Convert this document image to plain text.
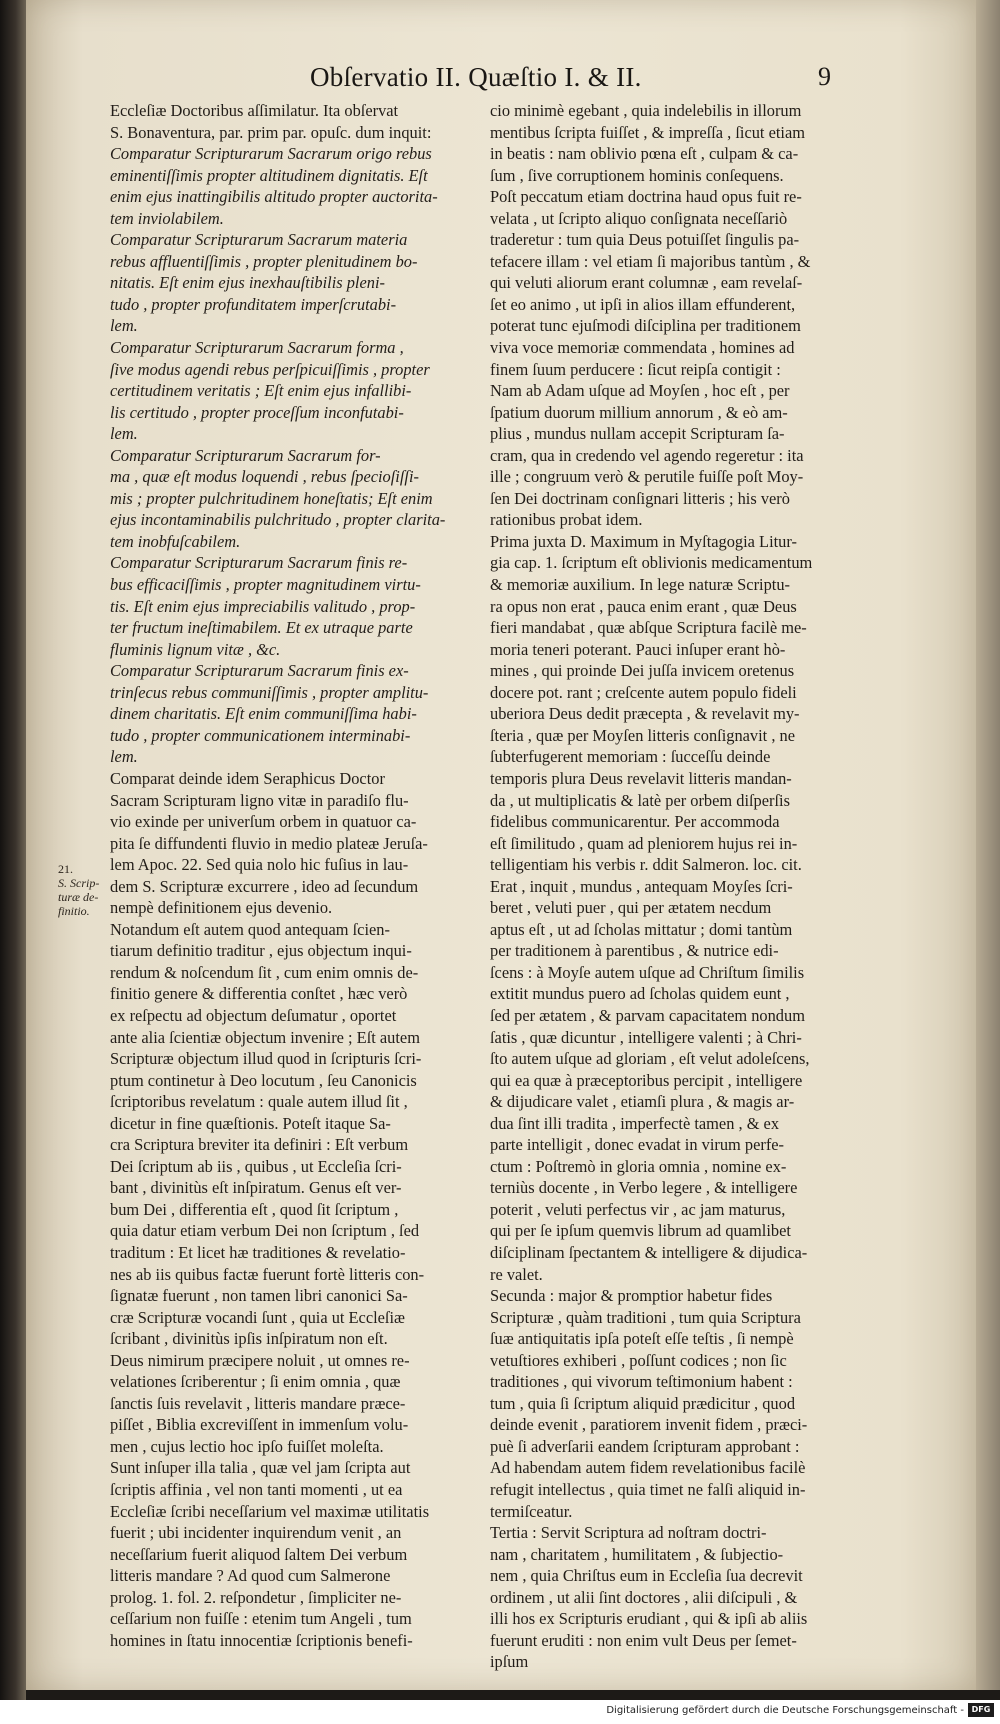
Obſervatio II. Quæſtio I. & II.	9
21.
S. Scrip-
turæ de-
finitio.
Eccleſiæ Doctoribus aſſimilatur. Ita obſervat
S. Bonaventura, par. prim par. opuſc. dum inquit:
Comparatur Scripturarum Sacrarum origo rebus
eminentiſſimis propter altitudinem dignitatis. Eſt
enim ejus inattingibilis altitudo propter auctorita-
tem inviolabilem.
Comparatur Scripturarum Sacrarum materia
rebus affluentiſſimis , propter plenitudinem bo-
nitatis. Eſt enim ejus inexhauſtibilis pleni-
tudo , propter profunditatem imperſcrutabi-
lem.
Comparatur Scripturarum Sacrarum forma ,
ſive modus agendi rebus perſpicuiſſimis , propter
certitudinem veritatis ; Eſt enim ejus infallibi-
lis certitudo , propter proceſſum inconfutabi-
lem.
Comparatur Scripturarum Sacrarum for-
ma , quæ eſt modus loquendi , rebus ſpecioſiſſi-
mis ; propter pulchritudinem honeſtatis; Eſt enim
ejus incontaminabilis pulchritudo , propter clarita-
tem inobfuſcabilem.
Comparatur Scripturarum Sacrarum finis re-
bus efficaciſſimis , propter magnitudinem virtu-
tis. Eſt enim ejus impreciabilis valitudo , prop-
ter fructum ineſtimabilem. Et ex utraque parte
fluminis lignum vitæ , &c.
Comparatur Scripturarum Sacrarum finis ex-
trinſecus rebus communiſſimis , propter amplitu-
dinem charitatis. Eſt enim communiſſima habi-
tudo , propter communicationem interminabi-
lem.
Comparat deinde idem Seraphicus Doctor
Sacram Scripturam ligno vitæ in paradiſo flu-
vio exinde per univerſum orbem in quatuor ca-
pita ſe diffundenti fluvio in medio plateæ Jeruſa-
lem Apoc. 22. Sed quia nolo hic fuſius in lau-
dem S. Scripturæ excurrere , ideo ad ſecundum
nempè definitionem ejus devenio.
Notandum eſt autem quod antequam ſcien-
tiarum definitio traditur , ejus objectum inqui-
rendum & noſcendum ſit , cum enim omnis de-
finitio genere & differentia conſtet , hæc verò
ex reſpectu ad objectum deſumatur , oportet
ante alia ſcientiæ objectum invenire ; Eſt autem
Scripturæ objectum illud quod in ſcripturis ſcri-
ptum continetur à Deo locutum , ſeu Canonicis
ſcriptoribus revelatum : quale autem illud ſit ,
dicetur in fine quæſtionis. Poteſt itaque Sa-
cra Scriptura breviter ita definiri : Eſt verbum
Dei ſcriptum ab iis , quibus , ut Eccleſia ſcri-
bant , divinitùs eſt inſpiratum. Genus eſt ver-
bum Dei , differentia eſt , quod ſit ſcriptum ,
quia datur etiam verbum Dei non ſcriptum , ſed
traditum : Et licet hæ traditiones & revelatio-
nes ab iis quibus factæ fuerunt fortè litteris con-
ſignatæ fuerunt , non tamen libri canonici Sa-
cræ Scripturæ vocandi ſunt , quia ut Eccleſiæ
ſcribant , divinitùs ipſis inſpiratum non eſt.
Deus nimirum præcipere noluit , ut omnes re-
velationes ſcriberentur ; ſi enim omnia , quæ
ſanctis ſuis revelavit , litteris mandare præce-
piſſet , Biblia excreviſſent in immenſum volu-
men , cujus lectio hoc ipſo fuiſſet moleſta.
Sunt inſuper illa talia , quæ vel jam ſcripta aut
ſcriptis affinia , vel non tanti momenti , ut ea
Eccleſiæ ſcribi neceſſarium vel maximæ utilitatis
fuerit ; ubi incidenter inquirendum venit , an
neceſſarium fuerit aliquod ſaltem Dei verbum
litteris mandare ? Ad quod cum Salmerone
prolog. 1. fol. 2. reſpondetur , ſimpliciter ne-
ceſſarium non fuiſſe : etenim tum Angeli , tum
homines in ſtatu innocentiæ ſcriptionis benefi-
cio minimè egebant , quia indelebilis in illorum
mentibus ſcripta fuiſſet , & impreſſa , ſicut etiam
in beatis : nam oblivio pœna eſt , culpam & ca-
ſum , ſive corruptionem hominis conſequens.
Poſt peccatum etiam doctrina haud opus fuit re-
velata , ut ſcripto aliquo conſignata neceſſariò
traderetur : tum quia Deus potuiſſet ſingulis pa-
tefacere illam : vel etiam ſi majoribus tantùm , &
qui veluti aliorum erant columnæ , eam revelaſ-
ſet eo animo , ut ipſi in alios illam effunderent,
poterat tunc ejuſmodi diſciplina per traditionem
viva voce memoriæ commendata , homines ad
finem ſuum perducere : ſicut reipſa contigit :
Nam ab Adam uſque ad Moyſen , hoc eſt , per
ſpatium duorum millium annorum , & eò am-
plius , mundus nullam accepit Scripturam ſa-
cram, qua in credendo vel agendo regeretur : ita
ille ; congruum verò & perutile fuiſſe poſt Moy-
ſen Dei doctrinam conſignari litteris ; his verò
rationibus probat idem.
Prima juxta D. Maximum in Myſtagogia Litur-
gia cap. 1. ſcriptum eſt oblivionis medicamentum
& memoriæ auxilium. In lege naturæ Scriptu-
ra opus non erat , pauca enim erant , quæ Deus
fieri mandabat , quæ abſque Scriptura facilè me-
moria teneri poterant. Pauci inſuper erant hò-
mines , qui proinde Dei juſſa invicem oretenus
docere pot. rant ; creſcente autem populo fideli
uberiora Deus dedit præcepta , & revelavit my-
ſteria , quæ per Moyſen litteris conſignavit , ne
ſubterfugerent memoriam : ſucceſſu deinde
temporis plura Deus revelavit litteris mandan-
da , ut multiplicatis & latè per orbem diſperſis
fidelibus communicarentur. Per accommoda
eſt ſimilitudo , quam ad pleniorem hujus rei in-
telligentiam his verbis r. ddit Salmeron. loc. cit.
Erat , inquit , mundus , antequam Moyſes ſcri-
beret , veluti puer , qui per ætatem necdum
aptus eſt , ut ad ſcholas mittatur ; domi tantùm
per traditionem à parentibus , & nutrice edi-
ſcens : à Moyſe autem uſque ad Chriſtum ſimilis
extitit mundus puero ad ſcholas quidem eunt ,
ſed per ætatem , & parvam capacitatem nondum
ſatis , quæ dicuntur , intelligere valenti ; à Chri-
ſto autem uſque ad gloriam , eſt velut adoleſcens,
qui ea quæ à præceptoribus percipit , intelligere
& dijudicare valet , etiamſi plura , & magis ar-
dua ſint illi tradita , imperfectè tamen , & ex
parte intelligit , donec evadat in virum perfe-
ctum : Poſtremò in gloria omnia , nomine ex-
terniùs docente , in Verbo legere , & intelligere
poterit , veluti perfectus vir , ac jam maturus,
qui per ſe ipſum quemvis librum ad quamlibet
diſciplinam ſpectantem & intelligere & dijudica-
re valet.
Secunda : major & promptior habetur fides
Scripturæ , quàm traditioni , tum quia Scriptura
ſuæ antiquitatis ipſa poteſt eſſe teſtis , ſi nempè
vetuſtiores exhiberi , poſſunt codices ; non ſic
traditiones , qui vivorum teſtimonium habent :
tum , quia ſi ſcriptum aliquid prædicitur , quod
deinde evenit , paratiorem invenit fidem , præci-
puè ſi adverſarii eandem ſcripturam approbant :
Ad habendam autem fidem revelationibus facilè
refugit intellectus , quia timet ne falſi aliquid in-
termiſceatur.
Tertia : Servit Scriptura ad noſtram doctri-
nam , charitatem , humilitatem , & ſubjectio-
nem , quia Chriſtus eum in Eccleſia ſua decrevit
ordinem , ut alii ſint doctores , alii diſcipuli , &
illi hos ex Scripturis erudiant , qui & ipſi ab aliis
fuerunt eruditi : non enim vult Deus per ſemet-
ipſum
Digitalisierung gefördert durch die Deutsche Forschungsgemeinschaft - DFG
